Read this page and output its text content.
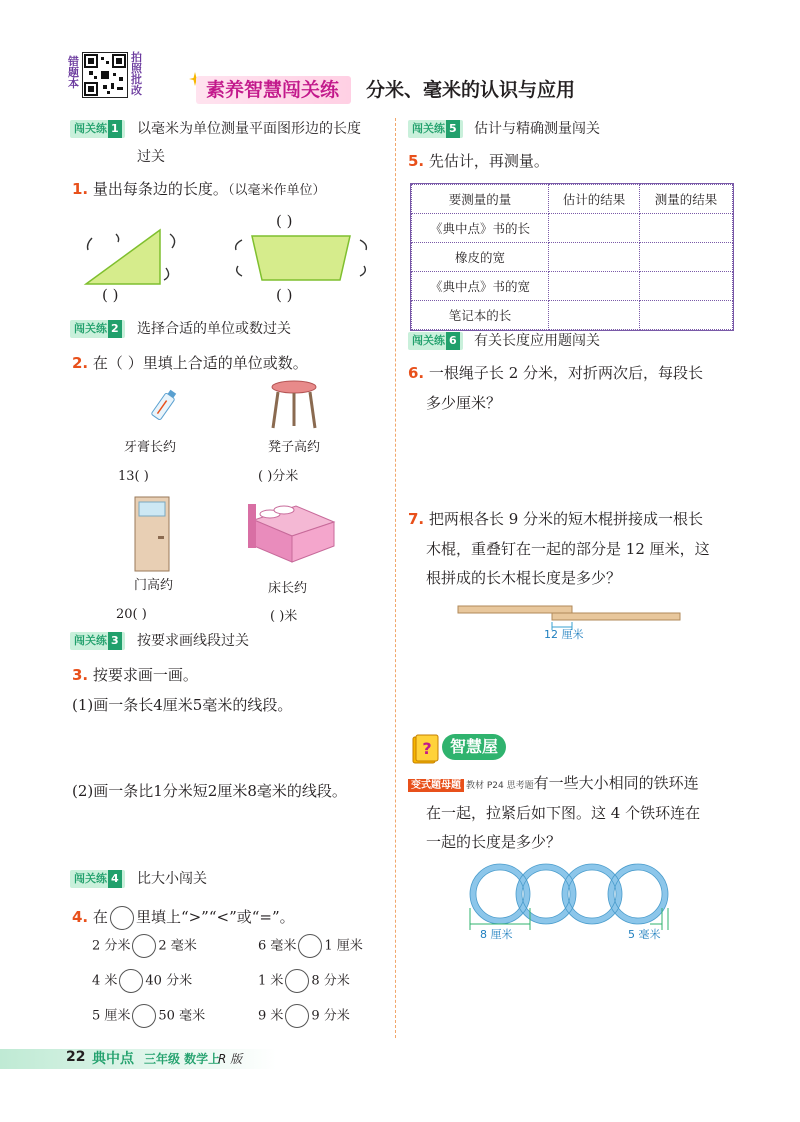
错题本
拍照批改	素养智慧闯关练	分米、毫米的认识与应用
闯关练 1	以毫米为单位测量平面图形边的长度
过关
1. 量出每条边的长度。（以毫米作单位）
( )
( )
( )
闯关练 2	选择合适的单位或数过关
2. 在（ ）里填上合适的单位或数。
牙膏长约
13( )
凳子高约
( )分米
门高约
20( )
床长约
( )米
闯关练 3	按要求画线段过关
3. 按要求画一画。
(1)画一条长4厘米5毫米的线段。
(2)画一条比1分米短2厘米8毫米的线段。
闯关练 4	比大小闯关
4. 在 里填上“>”“<”或“=”。
2 分米 2 毫米	6 毫米 1 厘米
4 米 40 分米	1 米 8 分米
5 厘米 50 毫米	9 米 9 分米
闯关练 5	估计与精确测量闯关
5. 先估计，再测量。
要测量的量	估计的结果	测量的结果
《典中点》书的长		
橡皮的宽		
《典中点》书的宽		
笔记本的长		
闯关练 6	有关长度应用题闯关
6. 一根绳子长 2 分米，对折两次后，每段长
多少厘米？
7. 把两根各长 9 分米的短木棍拼接成一根长
木棍，重叠钉在一起的部分是 12 厘米，这
根拼成的长木棍长度是多少？
12 厘米
?	智慧屋
变式题母题 教材 P24 思考题有一些大小相同的铁环连
在一起，拉紧后如下图。这 4 个铁环连在
一起的长度是多少？
8 厘米	5 毫米
22 典中点 三年级 数学上
R 版
